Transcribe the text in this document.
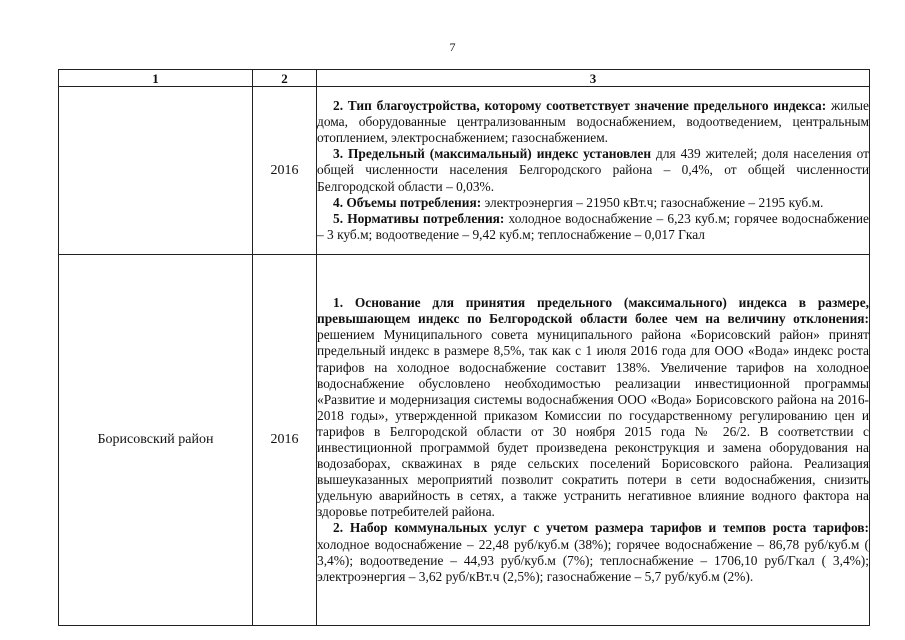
7
1	2	3
	2016	2. Тип благоустройства, которому соответствует значение предельного индекса: жилые дома, оборудованные централизованным водоснабжением, водоотведением, центральным отоплением, электроснабжением; газоснабжением.

3. Предельный (максимальный) индекс установлен для 439 жителей; доля населения от общей численности населения Белгородского района – 0,4%, от общей численности Белгородской области – 0,03%.

4. Объемы потребления: электроэнергия – 21950 кВт.ч; газоснабжение – 2195 куб.м.

5. Нормативы потребления: холодное водоснабжение – 6,23 куб.м; горячее водоснабжение – 3 куб.м; водоотведение – 9,42 куб.м; теплоснабжение – 0,017 Гкал

Борисовский район	2016	1. Основание для принятия предельного (максимального) индекса в размере, превышающем индекс по Белгородской области более чем на величину отклонения: решением Муниципального совета муниципального района «Борисовский район» принят предельный индекс в размере 8,5%, так как с 1 июля 2016 года для ООО «Вода» индекс роста тарифов на холодное водоснабжение составит 138%. Увеличение тарифов на холодное водоснабжение обусловлено необходимостью реализации инвестиционной программы «Развитие и модернизация системы водоснабжения ООО «Вода» Борисовского района на 2016-2018 годы», утвержденной приказом Комиссии по государственному регулированию цен и тарифов в Белгородской области от 30 ноября 2015 года № 26/2. В соответствии с инвестиционной программой будет произведена реконструкция и замена оборудования на водозаборах, скважинах в ряде сельских поселений Борисовского района. Реализация вышеуказанных мероприятий позволит сократить потери в сети водоснабжения, снизить удельную аварийность в сетях, а также устранить негативное влияние водного фактора на здоровье потребителей района.

2. Набор коммунальных услуг с учетом размера тарифов и темпов роста тарифов: холодное водоснабжение – 22,48 руб/куб.м (38%); горячее водоснабжение – 86,78 руб/куб.м ( 3,4%); водоотведение – 44,93 руб/куб.м (7%); теплоснабжение – 1706,10 руб/Гкал ( 3,4%); электроэнергия – 3,62 руб/кВт.ч (2,5%); газоснабжение – 5,7 руб/куб.м (2%).
